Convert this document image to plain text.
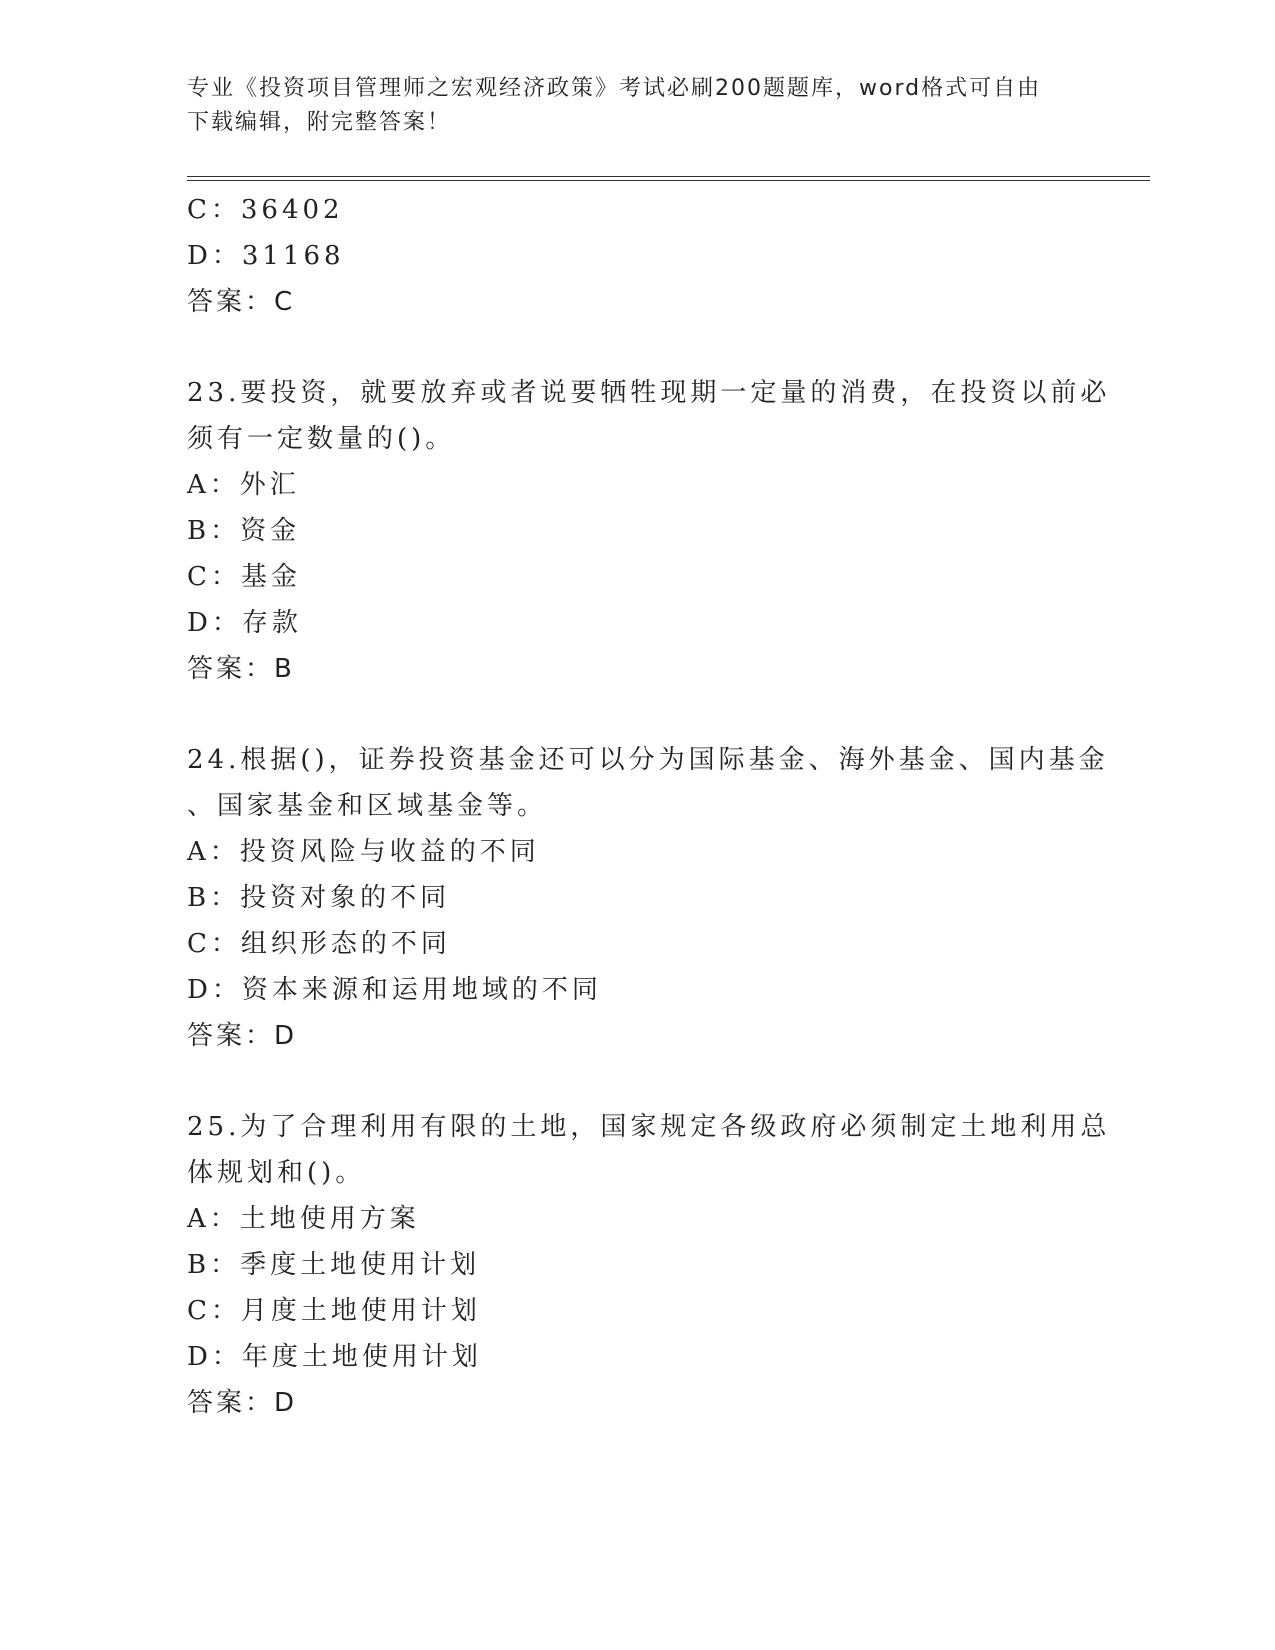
专业《投资项目管理师之宏观经济政策》考试必刷200题题库，word格式可自由
下载编辑，附完整答案！
C：36402
D：31168
答案：C
23.要投资，就要放弃或者说要牺牲现期一定量的消费，在投资以前必
须有一定数量的()。
A：外汇
B：资金
C：基金
D：存款
答案：B
24.根据()，证券投资基金还可以分为国际基金、海外基金、国内基金
、国家基金和区域基金等。
A：投资风险与收益的不同
B：投资对象的不同
C：组织形态的不同
D：资本来源和运用地域的不同
答案：D
25.为了合理利用有限的土地，国家规定各级政府必须制定土地利用总
体规划和()。
A：土地使用方案
B：季度土地使用计划
C：月度土地使用计划
D：年度土地使用计划
答案：D
